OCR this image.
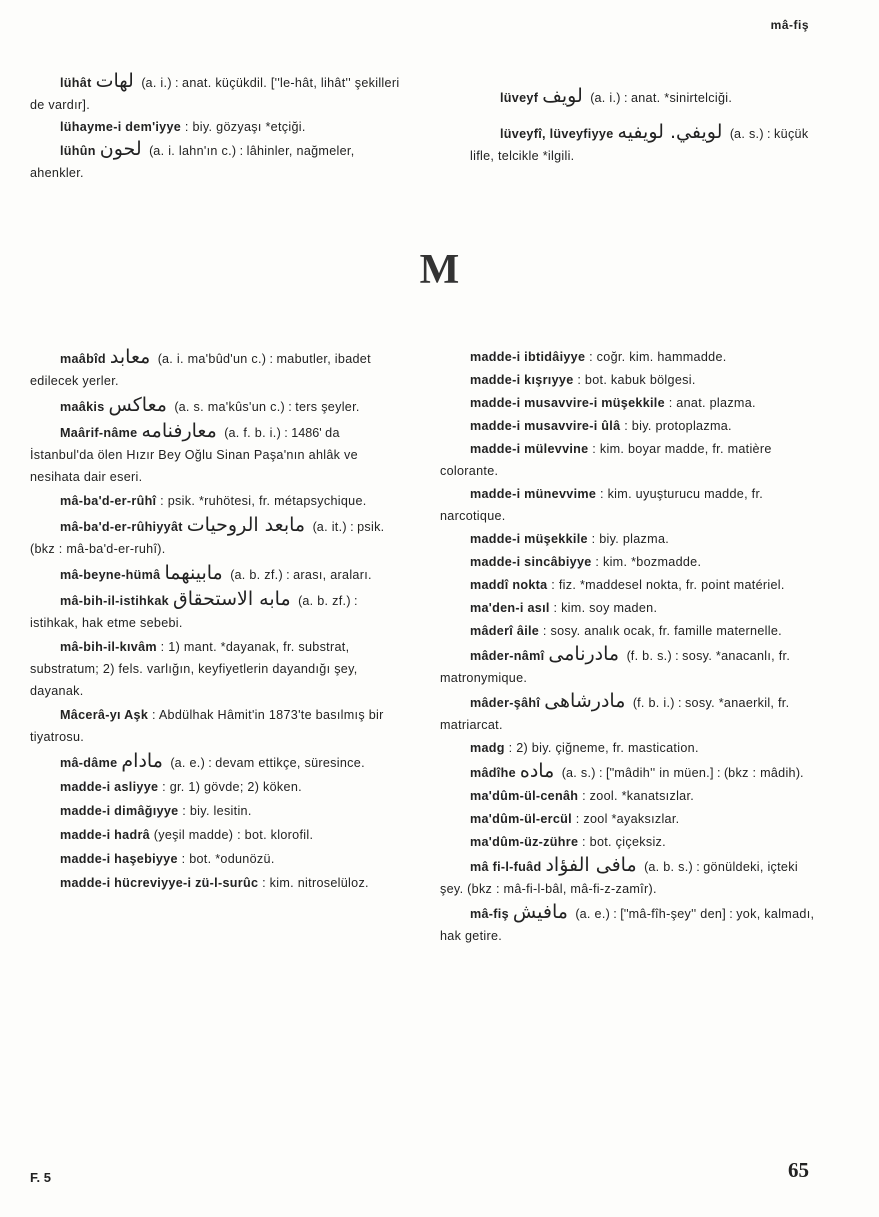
mâ-fiş

lühât لهات (a. i.) : anat. küçükdil. [''le-hât, lihât'' şekilleri de vardır].

lühayme-i dem'iyye : biy. gözyaşı *etçiği.

lühûn لحون (a. i. lahn'ın c.) : lâhinler, nağmeler, ahenkler.

lüveyf لويف (a. i.) : anat. *sinirtelciği.

lüveyfî, lüveyfiyye لويفي. لويفيه (a. s.) : küçük lifle, telcikle *ilgili.

M

maâbîd معابد (a. i. ma'bûd'un c.) : mabutler, ibadet edilecek yerler.

maâkis معاكس (a. s. ma'kûs'un c.) : ters şeyler.

Maârif-nâme معارفنامه (a. f. b. i.) : 1486' da İstanbul'da ölen Hızır Bey Oğlu Sinan Paşa'nın ahlâk ve nesihata dair eseri.

mâ-ba'd-er-rûhî : psik. *ruhötesi, fr. métapsychique.

mâ-ba'd-er-rûhiyyât مابعد الروحيات (a. it.) : psik. (bkz : mâ-ba'd-er-ruhî).

mâ-beyne-hümâ مابينهما (a. b. zf.) : arası, araları.

mâ-bih-il-istihkak مابه الاستحقاق (a. b. zf.) : istihkak, hak etme sebebi.

mâ-bih-il-kıvâm : 1) mant. *dayanak, fr. substrat, substratum; 2) fels. varlığın, keyfiyetlerin dayandığı şey, dayanak.

Mâcerâ-yı Aşk : Abdülhak Hâmit'in 1873'te basılmış bir tiyatrosu.

mâ-dâme مادام (a. e.) : devam ettikçe, süresince.

madde-i asliyye : gr. 1) gövde; 2) köken.

madde-i dimâğıyye : biy. lesitin.

madde-i hadrâ (yeşil madde) : bot. klorofil.

madde-i haşebiyye : bot. *odunözü.

madde-i hücreviyye-i zü-l-surûc : kim. nitroselüloz.

madde-i ibtidâiyye : coğr. kim. hammadde.

madde-i kışrıyye : bot. kabuk bölgesi.

madde-i musavvire-i müşekkile : anat. plazma.

madde-i musavvire-i ûlâ : biy. protoplazma.

madde-i mülevvine : kim. boyar madde, fr. matière colorante.

madde-i münevvime : kim. uyuşturucu madde, fr. narcotique.

madde-i müşekkile : biy. plazma.

madde-i sincâbiyye : kim. *bozmadde.

maddî nokta : fiz. *maddesel nokta, fr. point matériel.

ma'den-i asıl : kim. soy maden.

mâderî âile : sosy. analık ocak, fr. famille maternelle.

mâder-nâmî مادرنامى (f. b. s.) : sosy. *anacanlı, fr. matronymique.

mâder-şâhî مادرشاهى (f. b. i.) : sosy. *anaerkil, fr. matriarcat.

madg : 2) biy. çiğneme, fr. mastication.

mâdîhe ماده (a. s.) : [''mâdih'' in müen.] : (bkz : mâdih).

ma'dûm-ül-cenâh : zool. *kanatsızlar.

ma'dûm-ül-ercül : zool *ayaksızlar.

ma'dûm-üz-zühre : bot. çiçeksiz.

mâ fi-l-fuâd مافى الفؤاد (a. b. s.) : gönüldeki, içteki şey. (bkz : mâ-fi-l-bâl, mâ-fi-z-zamîr).

mâ-fiş مافيش (a. e.) : [''mâ-fîh-şey'' den] : yok, kalmadı, hak getire.

F. 5	65
